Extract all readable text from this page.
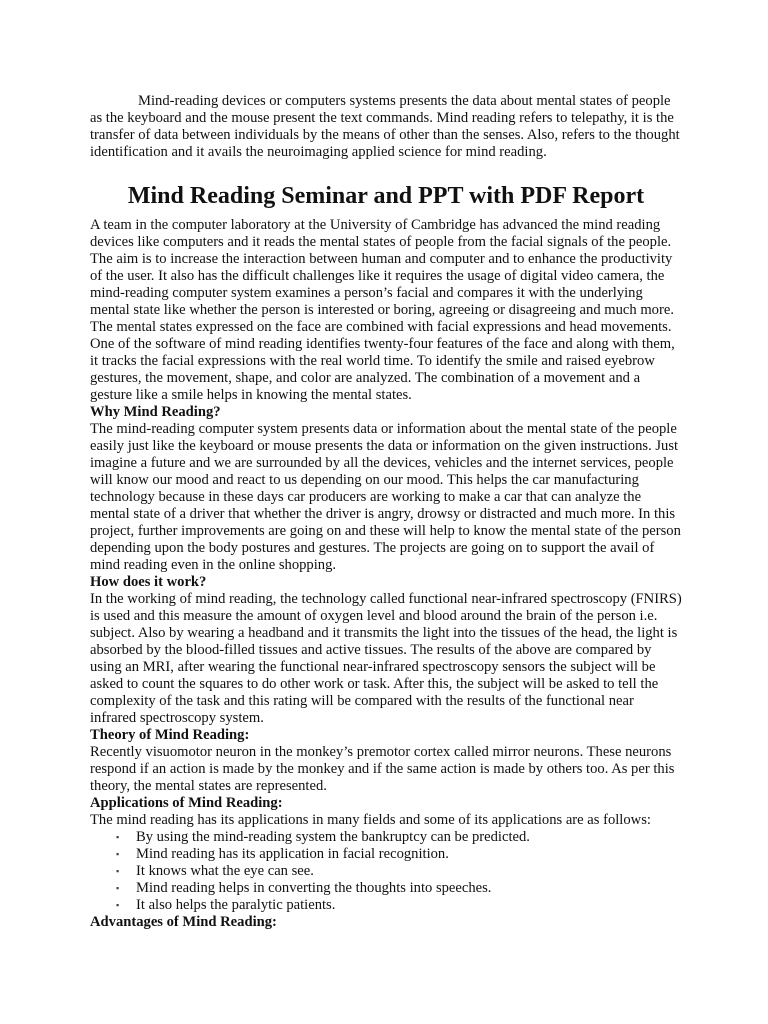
Mind-reading devices or computers systems presents the data about mental states of people as the keyboard and the mouse present the text commands. Mind reading refers to telepathy, it is the transfer of data between individuals by the means of other than the senses. Also, refers to the thought identification and it avails the neuroimaging applied science for mind reading.

Mind Reading Seminar and PPT with PDF Report

A team in the computer laboratory at the University of Cambridge has advanced the mind reading devices like computers and it reads the mental states of people from the facial signals of the people. The aim is to increase the interaction between human and computer and to enhance the productivity of the user. It also has the difficult challenges like it requires the usage of digital video camera, the mind-reading computer system examines a person’s facial and compares it with the underlying mental state like whether the person is interested or boring, agreeing or disagreeing and much more. The mental states expressed on the face are combined with facial expressions and head movements. One of the software of mind reading identifies twenty-four features of the face and along with them, it tracks the facial expressions with the real world time. To identify the smile and raised eyebrow gestures, the movement, shape, and color are analyzed. The combination of a movement and a gesture like a smile helps in knowing the mental states.

Why Mind Reading?

The mind-reading computer system presents data or information about the mental state of the people easily just like the keyboard or mouse presents the data or information on the given instructions. Just imagine a future and we are surrounded by all the devices, vehicles and the internet services, people will know our mood and react to us depending on our mood. This helps the car manufacturing technology because in these days car producers are working to make a car that can analyze the mental state of a driver that whether the driver is angry, drowsy or distracted and much more. In this project, further improvements are going on and these will help to know the mental state of the person depending upon the body postures and gestures. The projects are going on to support the avail of mind reading even in the online shopping.

How does it work?

In the working of mind reading, the technology called functional near-infrared spectroscopy (FNIRS) is used and this measure the amount of oxygen level and blood around the brain of the person i.e. subject. Also by wearing a headband and it transmits the light into the tissues of the head, the light is absorbed by the blood-filled tissues and active tissues. The results of the above are compared by using an MRI, after wearing the functional near-infrared spectroscopy sensors the subject will be asked to count the squares to do other work or task. After this, the subject will be asked to tell the complexity of the task and this rating will be compared with the results of the functional near infrared spectroscopy system.

Theory of Mind Reading:

Recently visuomotor neuron in the monkey’s premotor cortex called mirror neurons. These neurons respond if an action is made by the monkey and if the same action is made by others too. As per this theory, the mental states are represented.

Applications of Mind Reading:

The mind reading has its applications in many fields and some of its applications are as follows:

▪ By using the mind-reading system the bankruptcy can be predicted.
▪ Mind reading has its application in facial recognition.
▪ It knows what the eye can see.
▪ Mind reading helps in converting the thoughts into speeches.
▪ It also helps the paralytic patients.
Advantages of Mind Reading:
